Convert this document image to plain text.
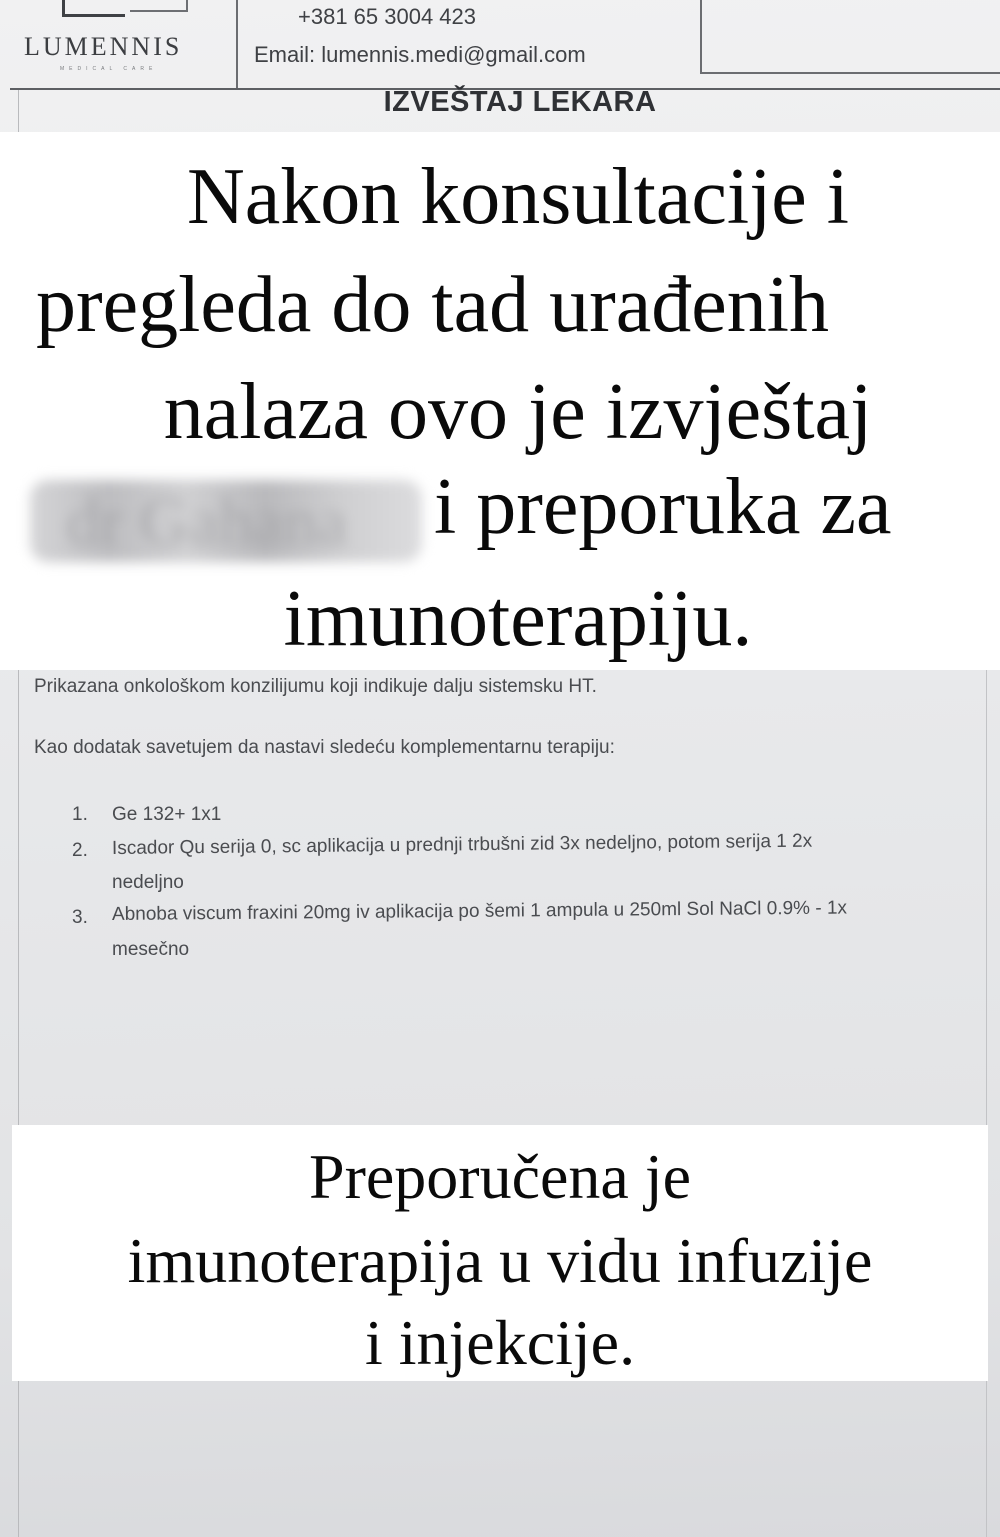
LUMENNIS
MEDICAL CARE
+381 65 3004 423
Email: lumennis.medi@gmail.com
IZVEŠTAJ LEKARA
Nakon konsultacije i
pregleda do tad urađenih
nalaza ovo je izvještaj
imunoterapiju.
dr Gahana	i preporuka za
Prikazana onkološkom konzilijumu koji indikuje dalju sistemsku HT.
Kao dodatak savetujem da nastavi sledeću komplementarnu terapiju:
1. Ge 132+ 1x1
2. Iscador Qu serija 0, sc aplikacija u prednji trbušni zid 3x nedeljno, potom serija 1 2x
nedeljno
3. Abnoba viscum fraxini 20mg iv aplikacija po šemi 1 ampula u 250ml Sol NaCl 0.9% - 1x
mesečno
Preporučena je
imunoterapija u vidu infuzije
i injekcije.
